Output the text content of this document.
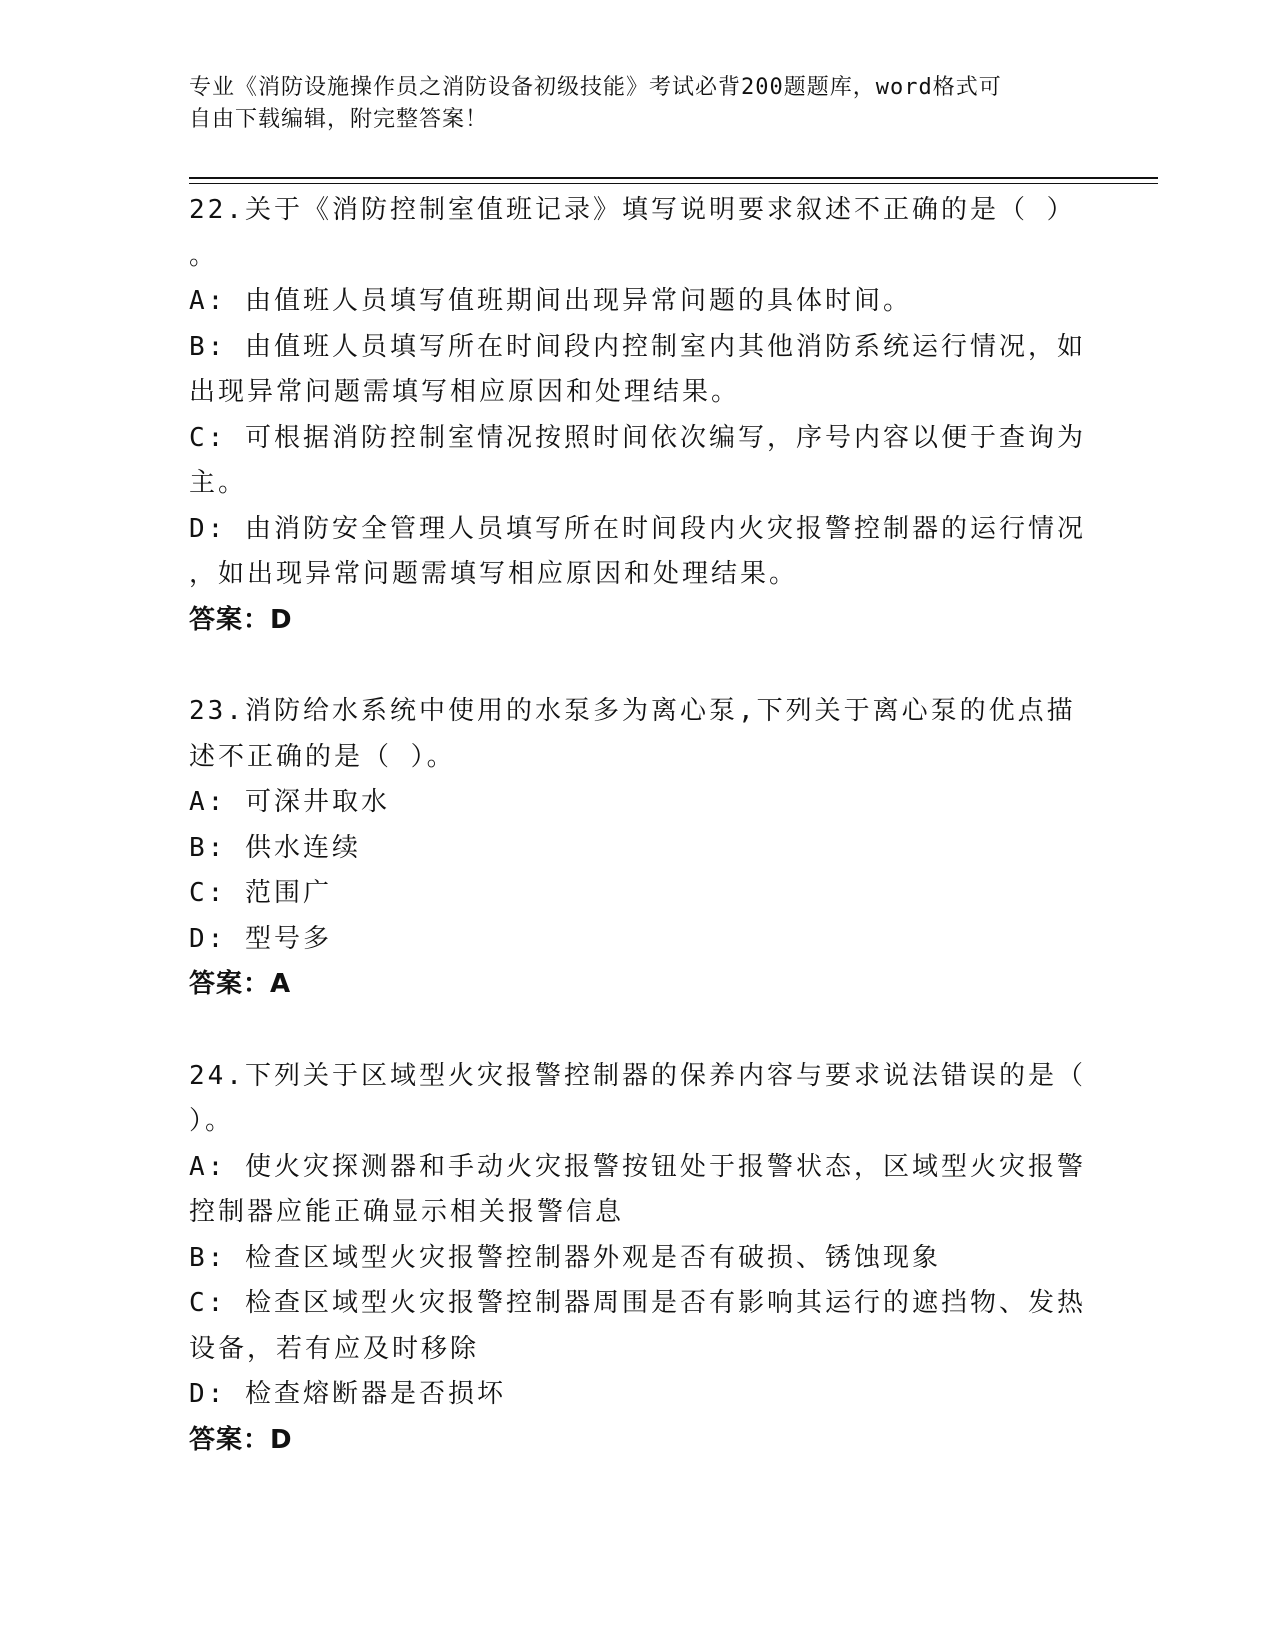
专业《消防设施操作员之消防设备初级技能》考试必背200题题库，word格式可
自由下载编辑，附完整答案！
22.关于《消防控制室值班记录》填写说明要求叙述不正确的是（ ）
。
A: 由值班人员填写值班期间出现异常问题的具体时间。
B: 由值班人员填写所在时间段内控制室内其他消防系统运行情况，如
出现异常问题需填写相应原因和处理结果。
C: 可根据消防控制室情况按照时间依次编写，序号内容以便于查询为
主。
D: 由消防安全管理人员填写所在时间段内火灾报警控制器的运行情况
，如出现异常问题需填写相应原因和处理结果。
答案：D
23.消防给水系统中使用的水泵多为离心泵,下列关于离心泵的优点描
述不正确的是（ ）。
A: 可深井取水
B: 供水连续
C: 范围广
D: 型号多
答案：A
24.下列关于区域型火灾报警控制器的保养内容与要求说法错误的是（
）。
A: 使火灾探测器和手动火灾报警按钮处于报警状态，区域型火灾报警
控制器应能正确显示相关报警信息
B: 检查区域型火灾报警控制器外观是否有破损、锈蚀现象
C: 检查区域型火灾报警控制器周围是否有影响其运行的遮挡物、发热
设备，若有应及时移除
D: 检查熔断器是否损坏
答案：D
